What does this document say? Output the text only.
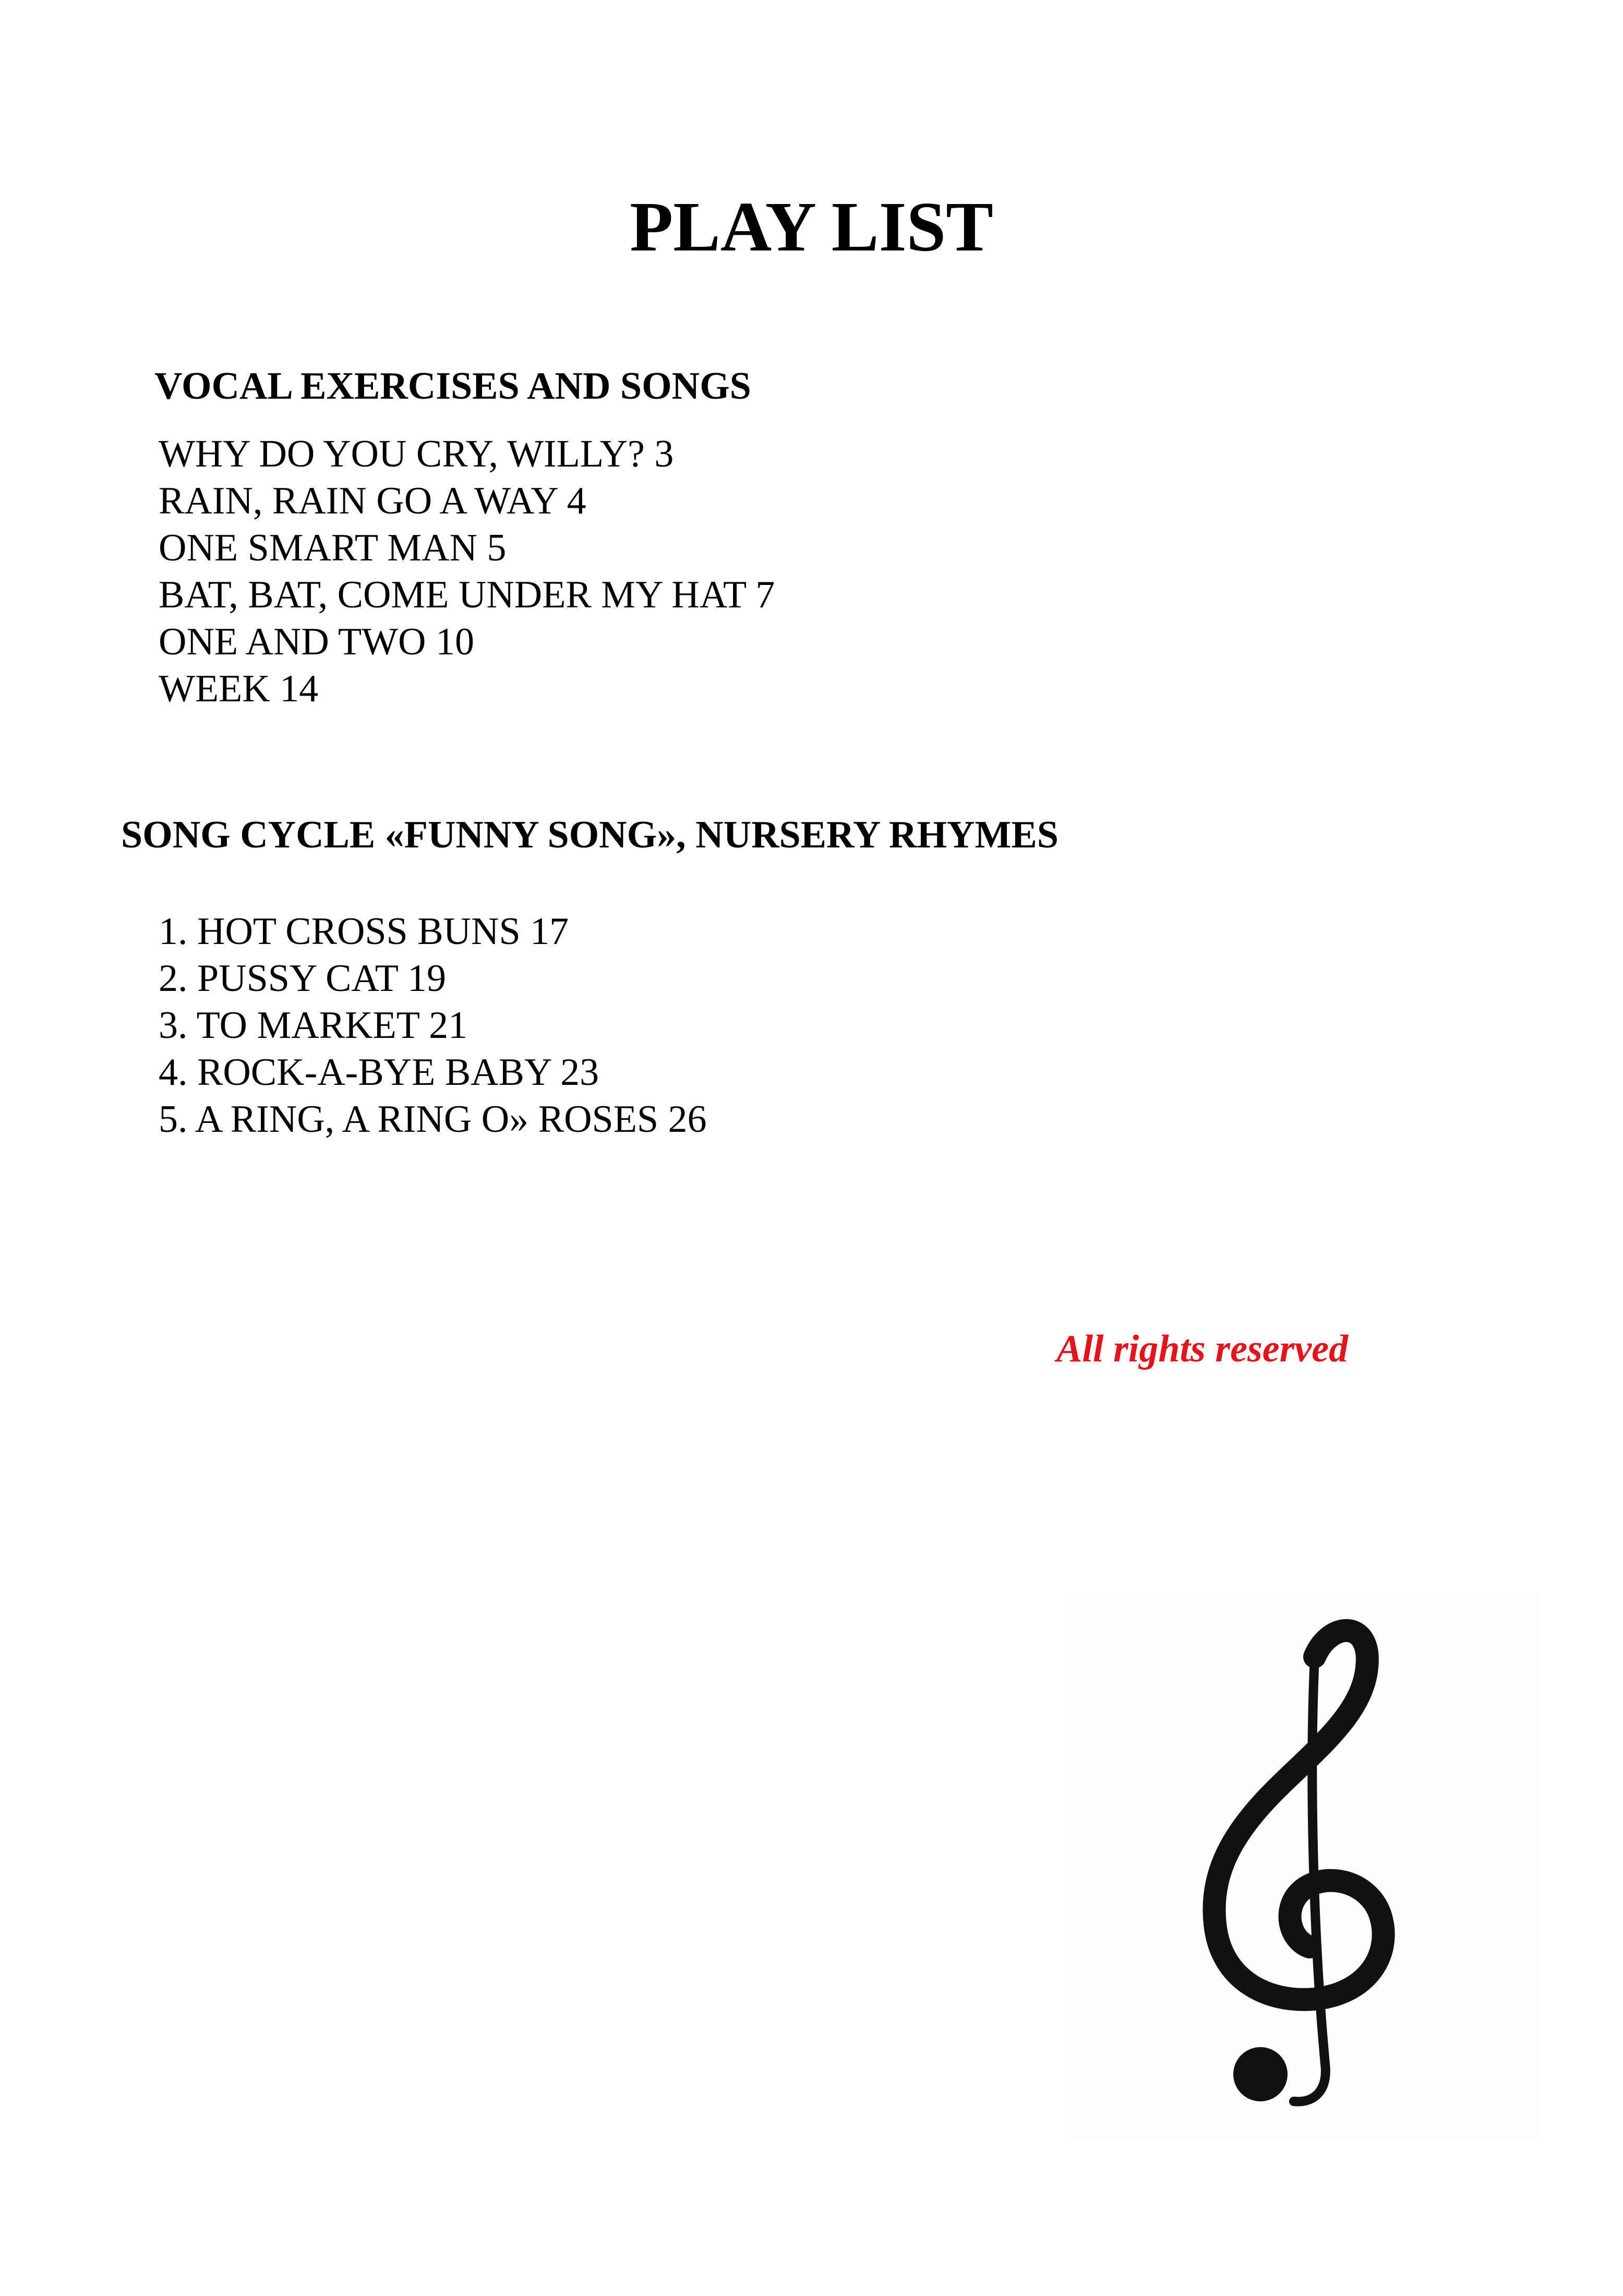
PLAY LIST
VOCAL EXERCISES AND SONGS
WHY DO YOU CRY, WILLY? 3
RAIN, RAIN GO A WAY 4
ONE SMART MAN 5
BAT, BAT, COME UNDER MY HAT 7
ONE AND TWO 10
WEEK 14
SONG CYCLE «FUNNY SONG», NURSERY RHYMES
1. HOT CROSS BUNS 17
2. PUSSY CAT 19
3. TO MARKET 21
4. ROCK-A-BYE BABY 23
5. A RING, A RING O» ROSES 26
All rights reserved
